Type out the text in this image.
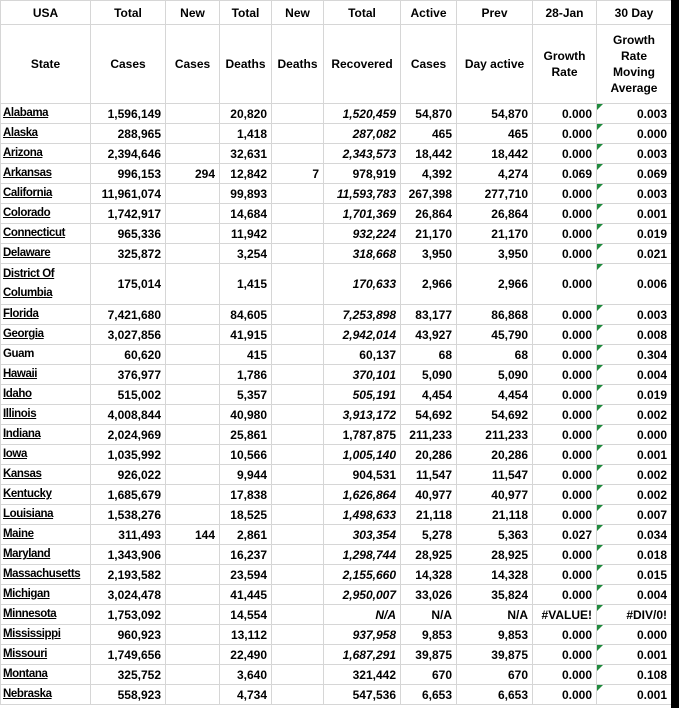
USA	Total	New	Total	New	Total	Active	Prev	28-Jan	30 Day
State	Cases	Cases	Deaths	Deaths	Recovered	Cases	Day active	Growth Rate	Growth Rate Moving Average
Alabama	1,596,149		20,820		1,520,459	54,870	54,870	0.000	0.003
Alaska	288,965		1,418		287,082	465	465	0.000	0.000
Arizona	2,394,646		32,631		2,343,573	18,442	18,442	0.000	0.003
Arkansas	996,153	294	12,842	7	978,919	4,392	4,274	0.069	0.069
California	11,961,074		99,893		11,593,783	267,398	277,710	0.000	0.003
Colorado	1,742,917		14,684		1,701,369	26,864	26,864	0.000	0.001
Connecticut	965,336		11,942		932,224	21,170	21,170	0.000	0.019
Delaware	325,872		3,254		318,668	3,950	3,950	0.000	0.021
District Of Columbia	175,014		1,415		170,633	2,966	2,966	0.000	0.006
Florida	7,421,680		84,605		7,253,898	83,177	86,868	0.000	0.003
Georgia	3,027,856		41,915		2,942,014	43,927	45,790	0.000	0.008
Guam	60,620		415		60,137	68	68	0.000	0.304
Hawaii	376,977		1,786		370,101	5,090	5,090	0.000	0.004
Idaho	515,002		5,357		505,191	4,454	4,454	0.000	0.019
Illinois	4,008,844		40,980		3,913,172	54,692	54,692	0.000	0.002
Indiana	2,024,969		25,861		1,787,875	211,233	211,233	0.000	0.000
Iowa	1,035,992		10,566		1,005,140	20,286	20,286	0.000	0.001
Kansas	926,022		9,944		904,531	11,547	11,547	0.000	0.002
Kentucky	1,685,679		17,838		1,626,864	40,977	40,977	0.000	0.002
Louisiana	1,538,276		18,525		1,498,633	21,118	21,118	0.000	0.007
Maine	311,493	144	2,861		303,354	5,278	5,363	0.027	0.034
Maryland	1,343,906		16,237		1,298,744	28,925	28,925	0.000	0.018
Massachusetts	2,193,582		23,594		2,155,660	14,328	14,328	0.000	0.015
Michigan	3,024,478		41,445		2,950,007	33,026	35,824	0.000	0.004
Minnesota	1,753,092		14,554		N/A	N/A	N/A	#VALUE!	#DIV/0!
Mississippi	960,923		13,112		937,958	9,853	9,853	0.000	0.000
Missouri	1,749,656		22,490		1,687,291	39,875	39,875	0.000	0.001
Montana	325,752		3,640		321,442	670	670	0.000	0.108
Nebraska	558,923		4,734		547,536	6,653	6,653	0.000	0.001
